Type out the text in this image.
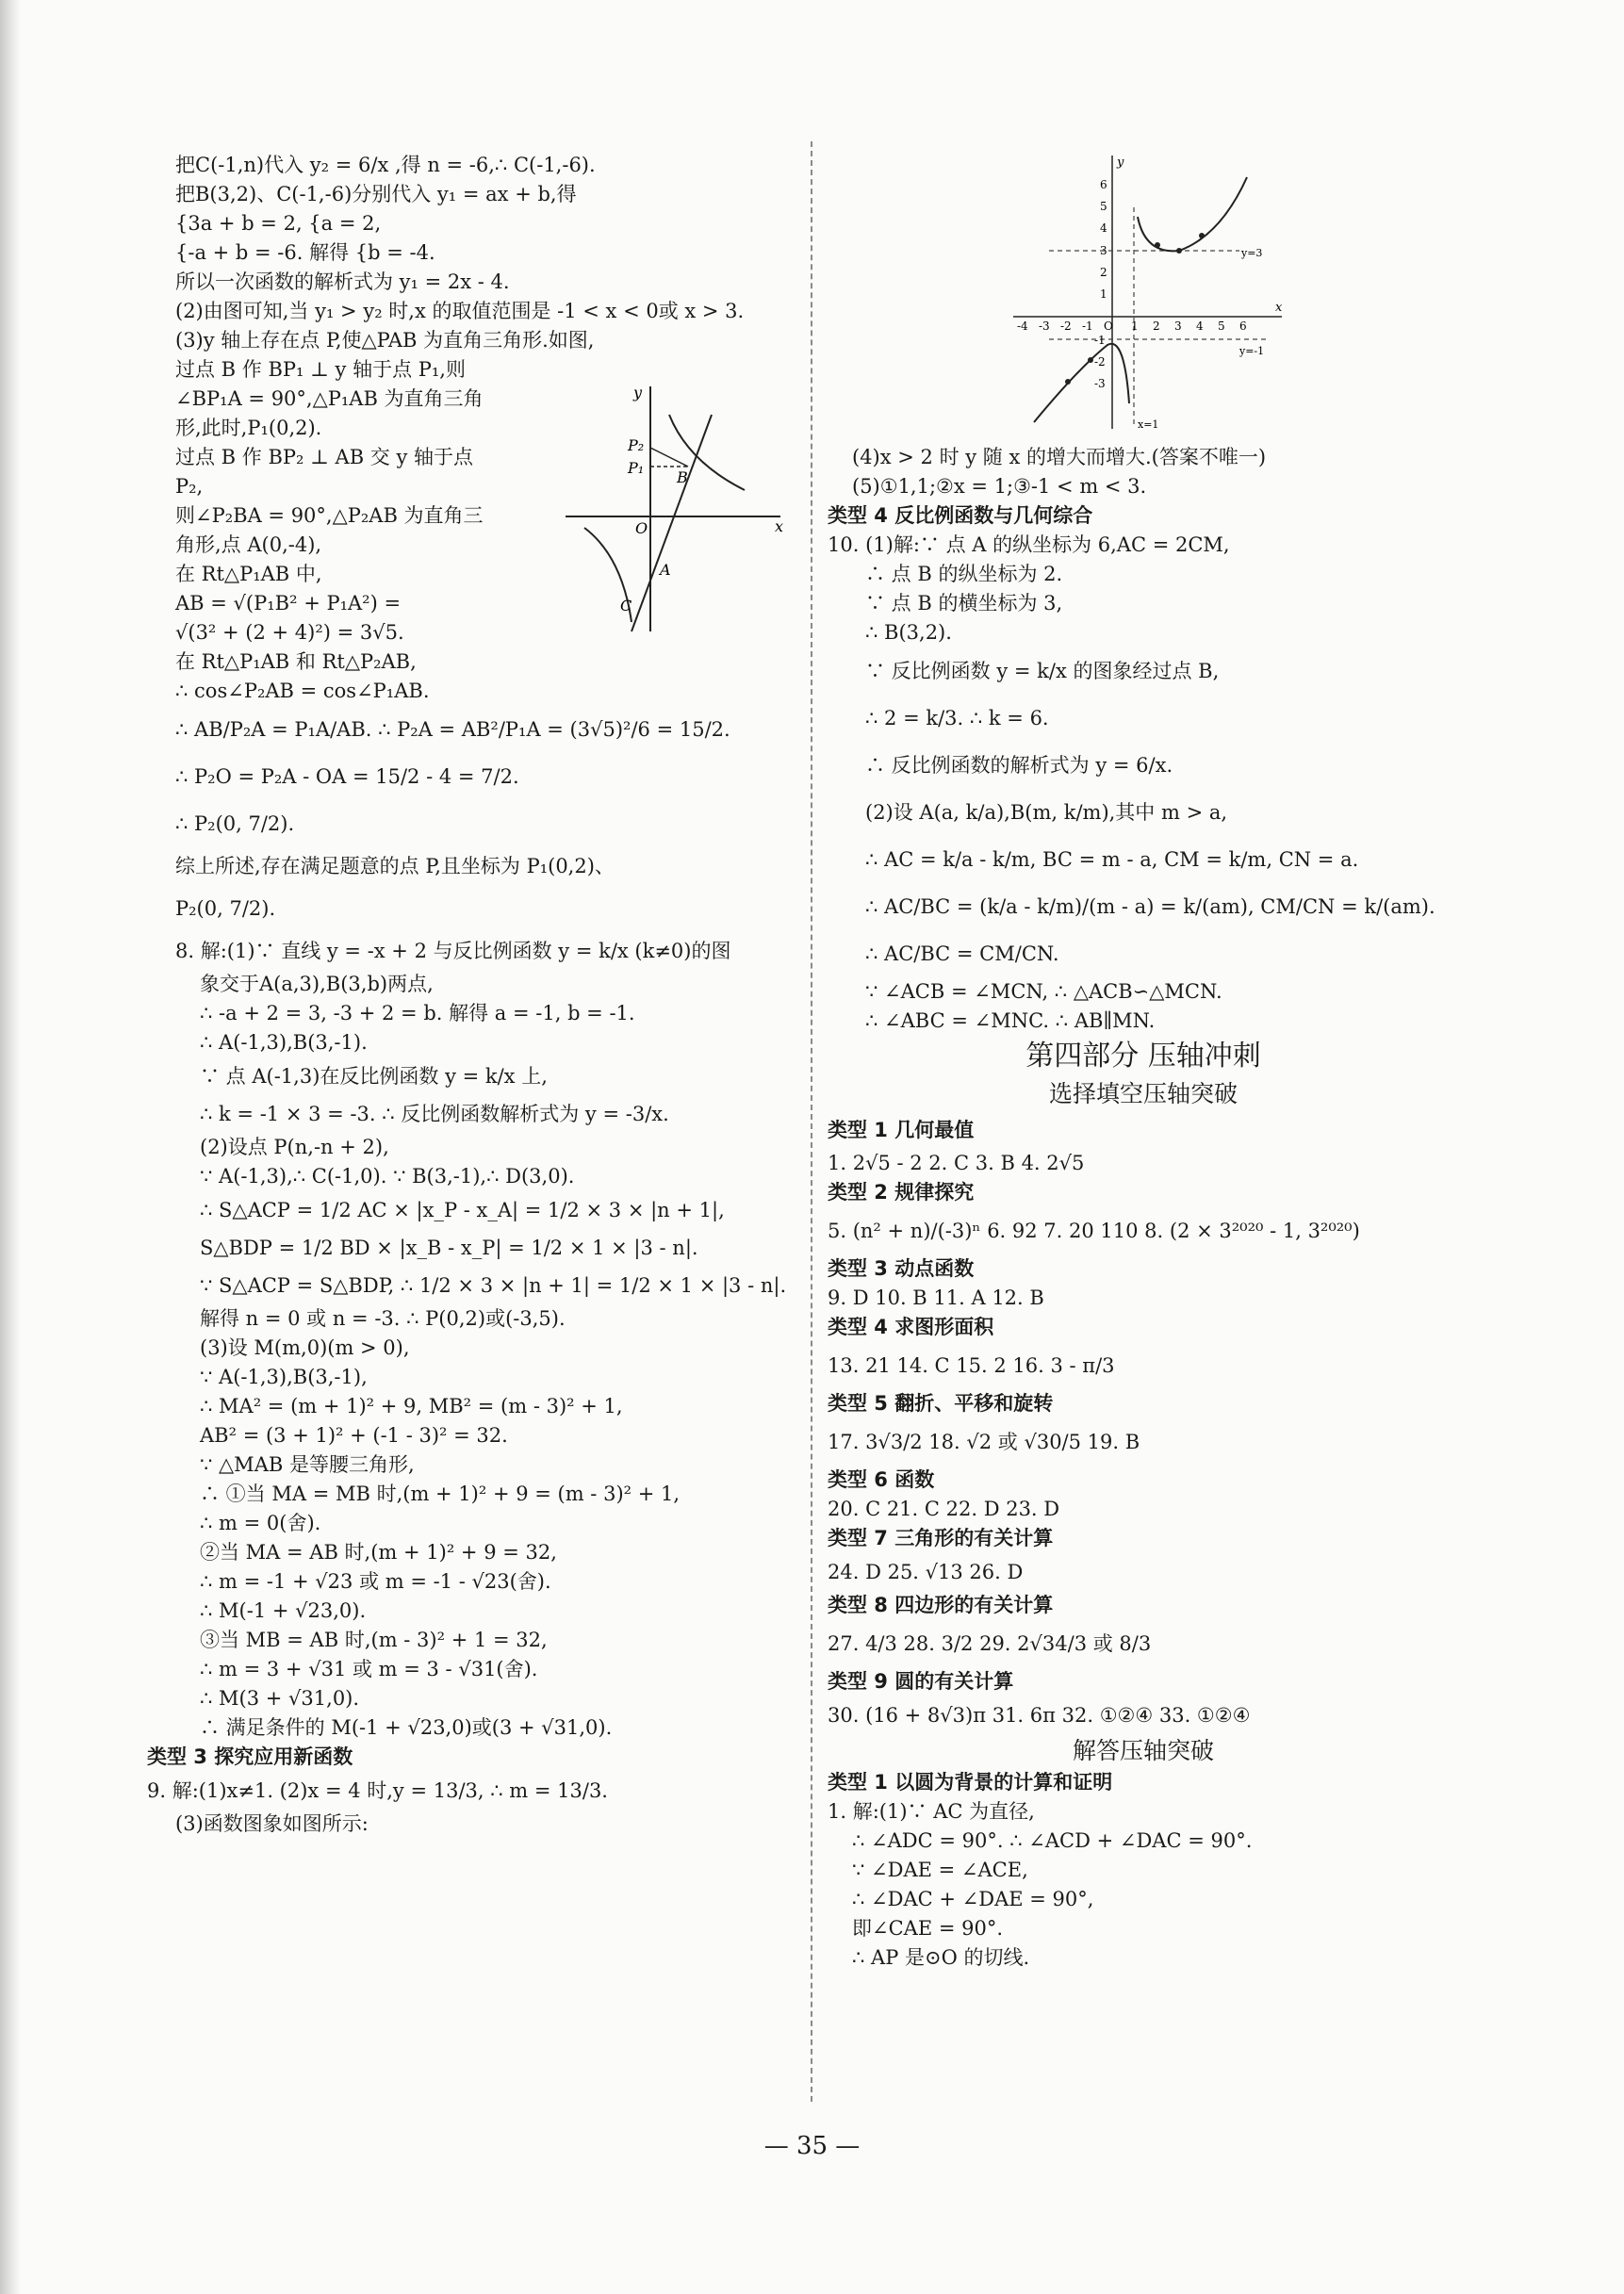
把C(-1,n)代入 y₂ = 6/x ,得 n = -6,∴ C(-1,-6).
把B(3,2)、C(-1,-6)分别代入 y₁ = ax + b,得
{3a + b = 2, {a = 2,
{-a + b = -6. 解得 {b = -4.
所以一次函数的解析式为 y₁ = 2x - 4.
(2)由图可知,当 y₁ > y₂ 时,x 的取值范围是 -1 < x < 0或 x > 3.
(3)y 轴上存在点 P,使△PAB 为直角三角形.如图,
过点 B 作 BP₁ ⊥ y 轴于点 P₁,则
∠BP₁A = 90°,△P₁AB 为直角三角
形,此时,P₁(0,2).
过点 B 作 BP₂ ⊥ AB 交 y 轴于点
P₂,
则∠P₂BA = 90°,△P₂AB 为直角三
角形,点 A(0,-4),
在 Rt△P₁AB 中,
AB = √(P₁B² + P₁A²) =
√(3² + (2 + 4)²) = 3√5.
在 Rt△P₁AB 和 Rt△P₂AB,
∴ cos∠P₂AB = cos∠P₁AB.
∴ AB/P₂A = P₁A/AB. ∴ P₂A = AB²/P₁A = (3√5)²/6 = 15/2.
∴ P₂O = P₂A - OA = 15/2 - 4 = 7/2.
∴ P₂(0, 7/2).
综上所述,存在满足题意的点 P,且坐标为 P₁(0,2)、
P₂(0, 7/2).
8. 解:(1)∵ 直线 y = -x + 2 与反比例函数 y = k/x (k≠0)的图
象交于A(a,3),B(3,b)两点,
∴ -a + 2 = 3, -3 + 2 = b. 解得 a = -1, b = -1.
∴ A(-1,3),B(3,-1).
∵ 点 A(-1,3)在反比例函数 y = k/x 上,
∴ k = -1 × 3 = -3. ∴ 反比例函数解析式为 y = -3/x.
(2)设点 P(n,-n + 2),
∵ A(-1,3),∴ C(-1,0). ∵ B(3,-1),∴ D(3,0).
∴ S△ACP = 1/2 AC × |x_P - x_A| = 1/2 × 3 × |n + 1|,
S△BDP = 1/2 BD × |x_B - x_P| = 1/2 × 1 × |3 - n|.
∵ S△ACP = S△BDP, ∴ 1/2 × 3 × |n + 1| = 1/2 × 1 × |3 - n|.
解得 n = 0 或 n = -3. ∴ P(0,2)或(-3,5).
(3)设 M(m,0)(m > 0),
∵ A(-1,3),B(3,-1),
∴ MA² = (m + 1)² + 9, MB² = (m - 3)² + 1,
AB² = (3 + 1)² + (-1 - 3)² = 32.
∵ △MAB 是等腰三角形,
∴ ①当 MA = MB 时,(m + 1)² + 9 = (m - 3)² + 1,
∴ m = 0(舍).
②当 MA = AB 时,(m + 1)² + 9 = 32,
∴ m = -1 + √23 或 m = -1 - √23(舍).
∴ M(-1 + √23,0).
③当 MB = AB 时,(m - 3)² + 1 = 32,
∴ m = 3 + √31 或 m = 3 - √31(舍).
∴ M(3 + √31,0).
∴ 满足条件的 M(-1 + √23,0)或(3 + √31,0).
类型 3 探究应用新函数
9. 解:(1)x≠1. (2)x = 4 时,y = 13/3, ∴ m = 13/3.
(3)函数图象如图所示:
y
x
O
P₂
P₁
B
A
C
y
x
-4 -3 -2 -1 O 1 2 3 4 5 6
6
5
4
3
2
1
-1
-2
-3
y=3
y=-1
x=1
(4)x > 2 时 y 随 x 的增大而增大.(答案不唯一)
(5)①1,1;②x = 1;③-1 < m < 3.
类型 4 反比例函数与几何综合
10. (1)解:∵ 点 A 的纵坐标为 6,AC = 2CM,
∴ 点 B 的纵坐标为 2.
∵ 点 B 的横坐标为 3,
∴ B(3,2).
∵ 反比例函数 y = k/x 的图象经过点 B,
∴ 2 = k/3. ∴ k = 6.
∴ 反比例函数的解析式为 y = 6/x.
(2)设 A(a, k/a),B(m, k/m),其中 m > a,
∴ AC = k/a - k/m, BC = m - a, CM = k/m, CN = a.
∴ AC/BC = (k/a - k/m)/(m - a) = k/(am), CM/CN = k/(am).
∴ AC/BC = CM/CN.
∵ ∠ACB = ∠MCN, ∴ △ACB∽△MCN.
∴ ∠ABC = ∠MNC. ∴ AB∥MN.
第四部分 压轴冲刺
选择填空压轴突破
类型 1 几何最值
1. 2√5 - 2 2. C 3. B 4. 2√5
类型 2 规律探究
5. (n² + n)/(-3)ⁿ 6. 92 7. 20 110 8. (2 × 3²⁰²⁰ - 1, 3²⁰²⁰)
类型 3 动点函数
9. D 10. B 11. A 12. B
类型 4 求图形面积
13. 21 14. C 15. 2 16. 3 - π/3
类型 5 翻折、平移和旋转
17. 3√3/2 18. √2 或 √30/5 19. B
类型 6 函数
20. C 21. C 22. D 23. D
类型 7 三角形的有关计算
24. D 25. √13 26. D
类型 8 四边形的有关计算
27. 4/3 28. 3/2 29. 2√34/3 或 8/3
类型 9 圆的有关计算
30. (16 + 8√3)π 31. 6π 32. ①②④ 33. ①②④
解答压轴突破
类型 1 以圆为背景的计算和证明
1. 解:(1)∵ AC 为直径,
∴ ∠ADC = 90°. ∴ ∠ACD + ∠DAC = 90°.
∵ ∠DAE = ∠ACE,
∴ ∠DAC + ∠DAE = 90°,
即∠CAE = 90°.
∴ AP 是⊙O 的切线.
— 35 —
